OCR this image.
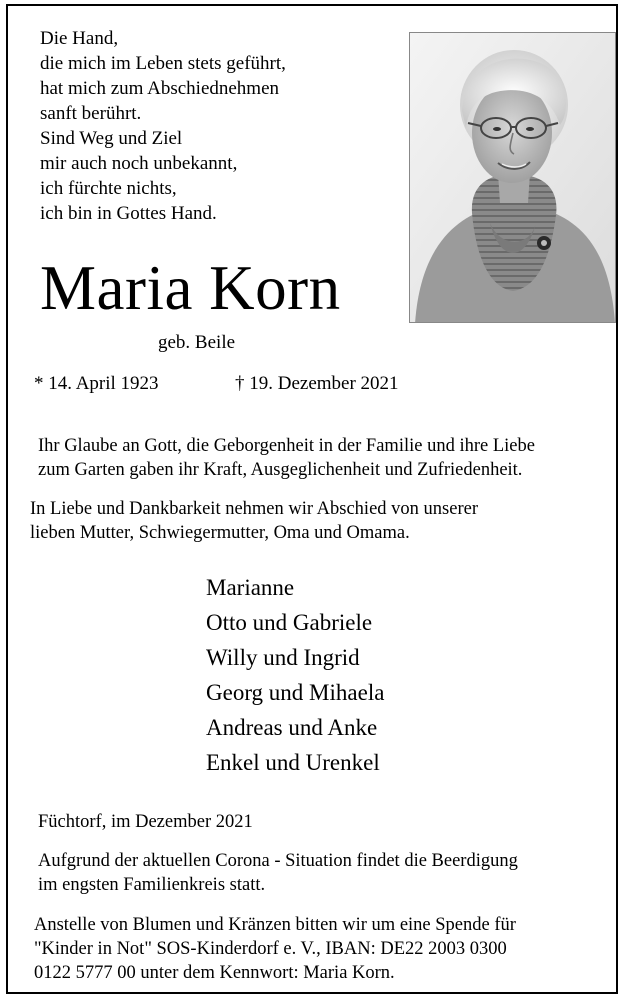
Die Hand,
die mich im Leben stets geführt,
hat mich zum Abschiednehmen
sanft berührt.
Sind Weg und Ziel
mir auch noch unbekannt,
ich fürchte nichts,
ich bin in Gottes Hand.
Maria Korn
geb. Beile
* 14. April 1923	† 19. Dezember 2021
Ihr Glaube an Gott, die Geborgenheit in der Familie und ihre Liebe
zum Garten gaben ihr Kraft, Ausgeglichenheit und Zufriedenheit.
In Liebe und Dankbarkeit nehmen wir Abschied von unserer
lieben Mutter, Schwiegermutter, Oma und Omama.
Marianne
Otto und Gabriele
Willy und Ingrid
Georg und Mihaela
Andreas und Anke
Enkel und Urenkel
Füchtorf, im Dezember 2021
Aufgrund der aktuellen Corona - Situation findet die Beerdigung
im engsten Familienkreis statt.
Anstelle von Blumen und Kränzen bitten wir um eine Spende für
"Kinder in Not" SOS-Kinderdorf e. V., IBAN: DE22 2003 0300
0122 5777 00 unter dem Kennwort: Maria Korn.
